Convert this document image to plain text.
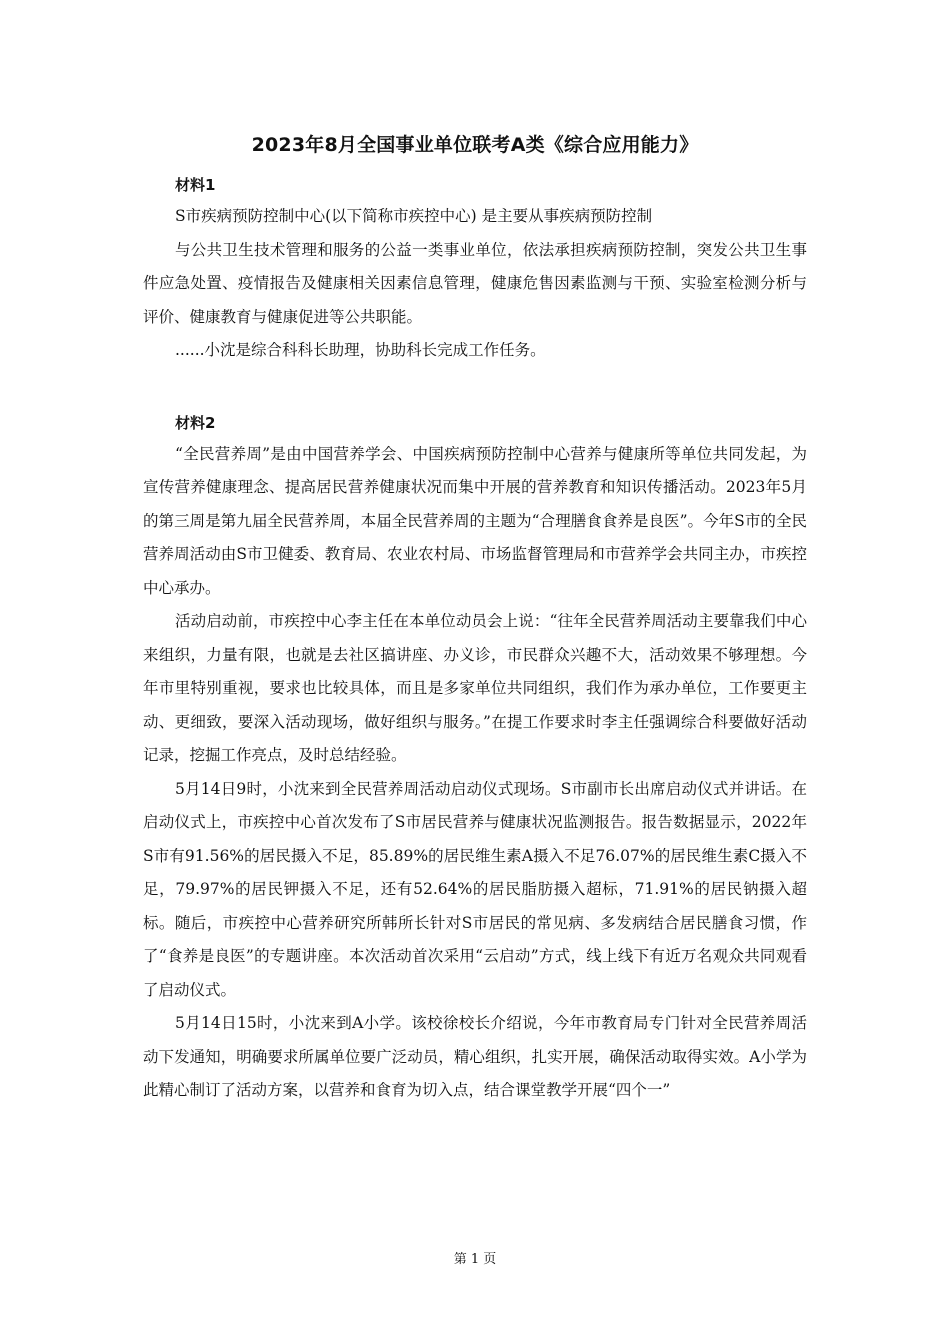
2023年8月全国事业单位联考A类《综合应用能力》

材料1

S市疾病预防控制中心(以下简称市疾控中心) 是主要从事疾病预防控制

与公共卫生技术管理和服务的公益一类事业单位，依法承担疾病预防控制，突发公共卫生事件应急处置、疫情报告及健康相关因素信息管理，健康危售因素监测与干预、实验室检测分析与评价、健康教育与健康促进等公共职能。

......小沈是综合科科长助理，协助科长完成工作任务。

材料2

“全民营养周”是由中国营养学会、中国疾病预防控制中心营养与健康所等单位共同发起，为宣传营养健康理念、提高居民营养健康状况而集中开展的营养教育和知识传播活动。2023年5月的第三周是第九届全民营养周，本届全民营养周的主题为“合理膳食食养是良医”。今年S市的全民营养周活动由S市卫健委、教育局、农业农村局、市场监督管理局和市营养学会共同主办，市疾控中心承办。

活动启动前，市疾控中心李主任在本单位动员会上说：“往年全民营养周活动主要靠我们中心来组织，力量有限，也就是去社区搞讲座、办义诊，市民群众兴趣不大，活动效果不够理想。今年市里特别重视，要求也比较具体，而且是多家单位共同组织，我们作为承办单位，工作要更主动、更细致，要深入活动现场，做好组织与服务。”在提工作要求时李主任强调综合科要做好活动记录，挖掘工作亮点，及时总结经验。

5月14日9时，小沈来到全民营养周活动启动仪式现场。S市副市长出席启动仪式并讲话。在启动仪式上，市疾控中心首次发布了S市居民营养与健康状况监测报告。报告数据显示，2022年S市有91.56%的居民摄入不足，85.89%的居民维生素A摄入不足76.07%的居民维生素C摄入不足，79.97%的居民钾摄入不足，还有52.64%的居民脂肪摄入超标，71.91%的居民钠摄入超标。随后，市疾控中心营养研究所韩所长针对S市居民的常见病、多发病结合居民膳食习惯，作了“食养是良医”的专题讲座。本次活动首次采用“云启动”方式，线上线下有近万名观众共同观看了启动仪式。

5月14日15时，小沈来到A小学。该校徐校长介绍说，今年市教育局专门针对全民营养周活动下发通知，明确要求所属单位要广泛动员，精心组织，扎实开展，确保活动取得实效。A小学为此精心制订了活动方案，以营养和食育为切入点，结合课堂教学开展“四个一”

第 1 页
